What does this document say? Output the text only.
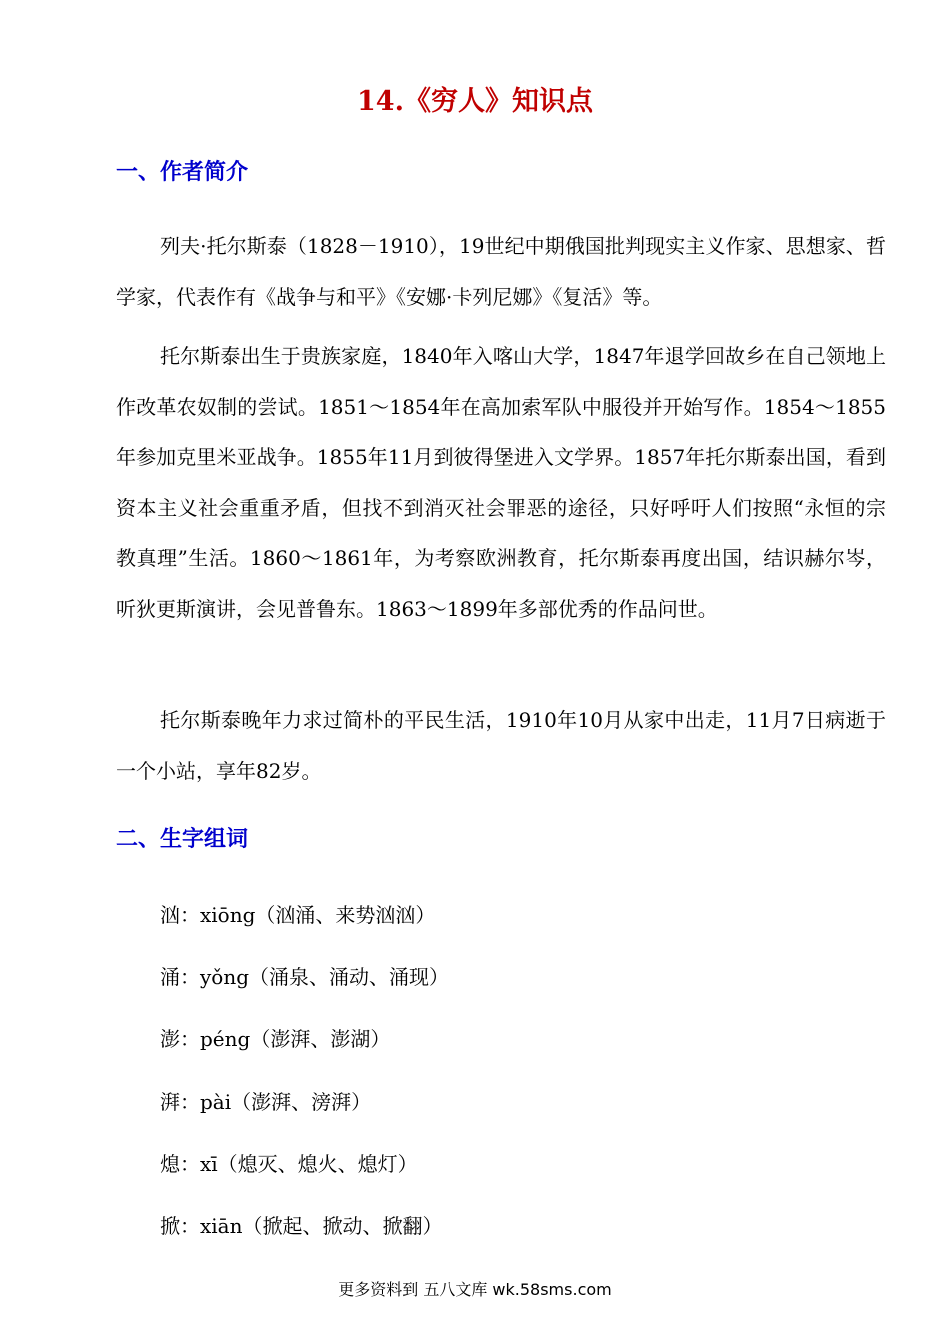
14.《穷人》知识点
一、作者简介

列夫·托尔斯泰（1828－1910），19世纪中期俄国批判现实主义作家、思想家、哲学家，代表作有《战争与和平》《安娜·卡列尼娜》《复活》等。

托尔斯泰出生于贵族家庭，1840年入喀山大学，1847年退学回故乡在自己领地上作改革农奴制的尝试。1851～1854年在高加索军队中服役并开始写作。1854～1855年参加克里米亚战争。1855年11月到彼得堡进入文学界。1857年托尔斯泰出国，看到资本主义社会重重矛盾，但找不到消灭社会罪恶的途径，只好呼吁人们按照“永恒的宗教真理”生活。1860～1861年，为考察欧洲教育，托尔斯泰再度出国，结识赫尔岑，听狄更斯演讲，会见普鲁东。1863～1899年多部优秀的作品问世。

托尔斯泰晚年力求过简朴的平民生活，1910年10月从家中出走，11月7日病逝于一个小站，享年82岁。

二、生字组词
汹：xiōng（汹涌、来势汹汹）
涌：yǒng（涌泉、涌动、涌现）
澎：péng（澎湃、澎湖）
湃：pài（澎湃、滂湃）
熄：xī（熄灭、熄火、熄灯）
掀：xiān（掀起、掀动、掀翻）
更多资料到 五八文库 wk.58sms.com
